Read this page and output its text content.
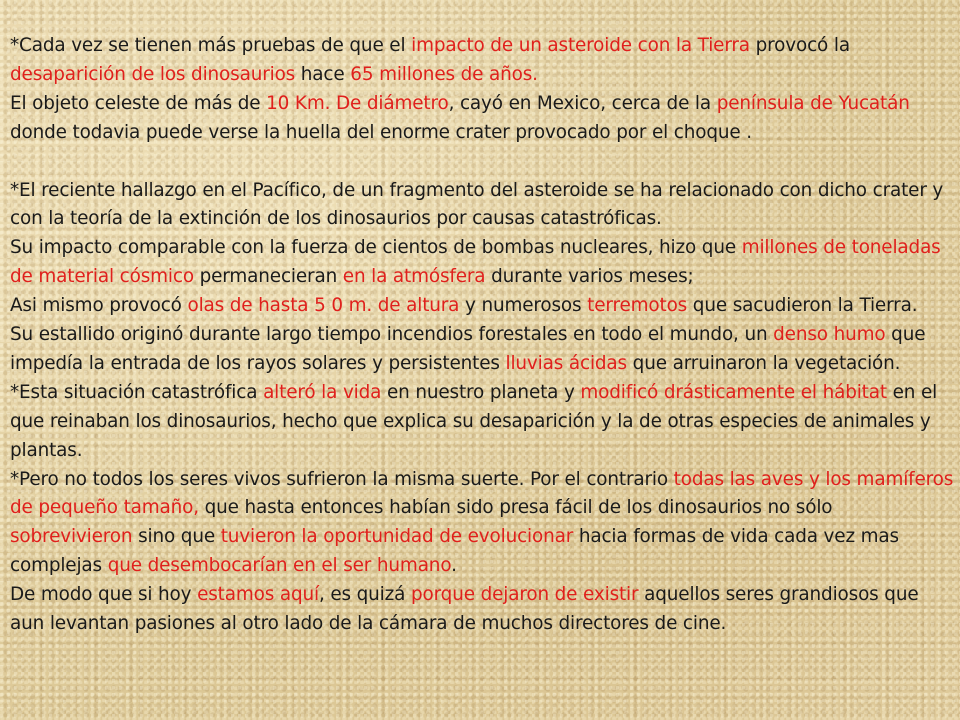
*Cada vez se tienen más pruebas de que el impacto de un asteroide con la Tierra provocó la desaparición de los dinosaurios hace 65 millones de años.

El objeto celeste de más de 10 Km. De diámetro, cayó en Mexico, cerca de la península de Yucatán donde todavia puede verse la huella del enorme crater provocado por el choque .

*El reciente hallazgo en el Pacífico, de un fragmento del asteroide se ha relacionado con dicho crater y con la teoría de la extinción de los dinosaurios por causas catastróficas.

Su impacto comparable con la fuerza de cientos de bombas nucleares, hizo que millones de toneladas de material cósmico permanecieran en la atmósfera durante varios meses;

Asi mismo provocó olas de hasta 5 0 m. de altura y numerosos terremotos que sacudieron la Tierra.

Su estallido originó durante largo tiempo incendios forestales en todo el mundo, un denso humo que impedía la entrada de los rayos solares y persistentes lluvias ácidas que arruinaron la vegetación.

*Esta situación catastrófica alteró la vida en nuestro planeta y modificó drásticamente el hábitat en el que reinaban los dinosaurios, hecho que explica su desaparición y la de otras especies de animales y plantas.

*Pero no todos los seres vivos sufrieron la misma suerte. Por el contrario todas las aves y los mamíferos de pequeño tamaño, que hasta entonces habían sido presa fácil de los dinosaurios no sólo sobrevivieron sino que tuvieron la oportunidad de evolucionar hacia formas de vida cada vez mas complejas que desembocarían en el ser humano.

De modo que si hoy estamos aquí, es quizá porque dejaron de existir aquellos seres grandiosos que aun levantan pasiones al otro lado de la cámara de muchos directores de cine.
